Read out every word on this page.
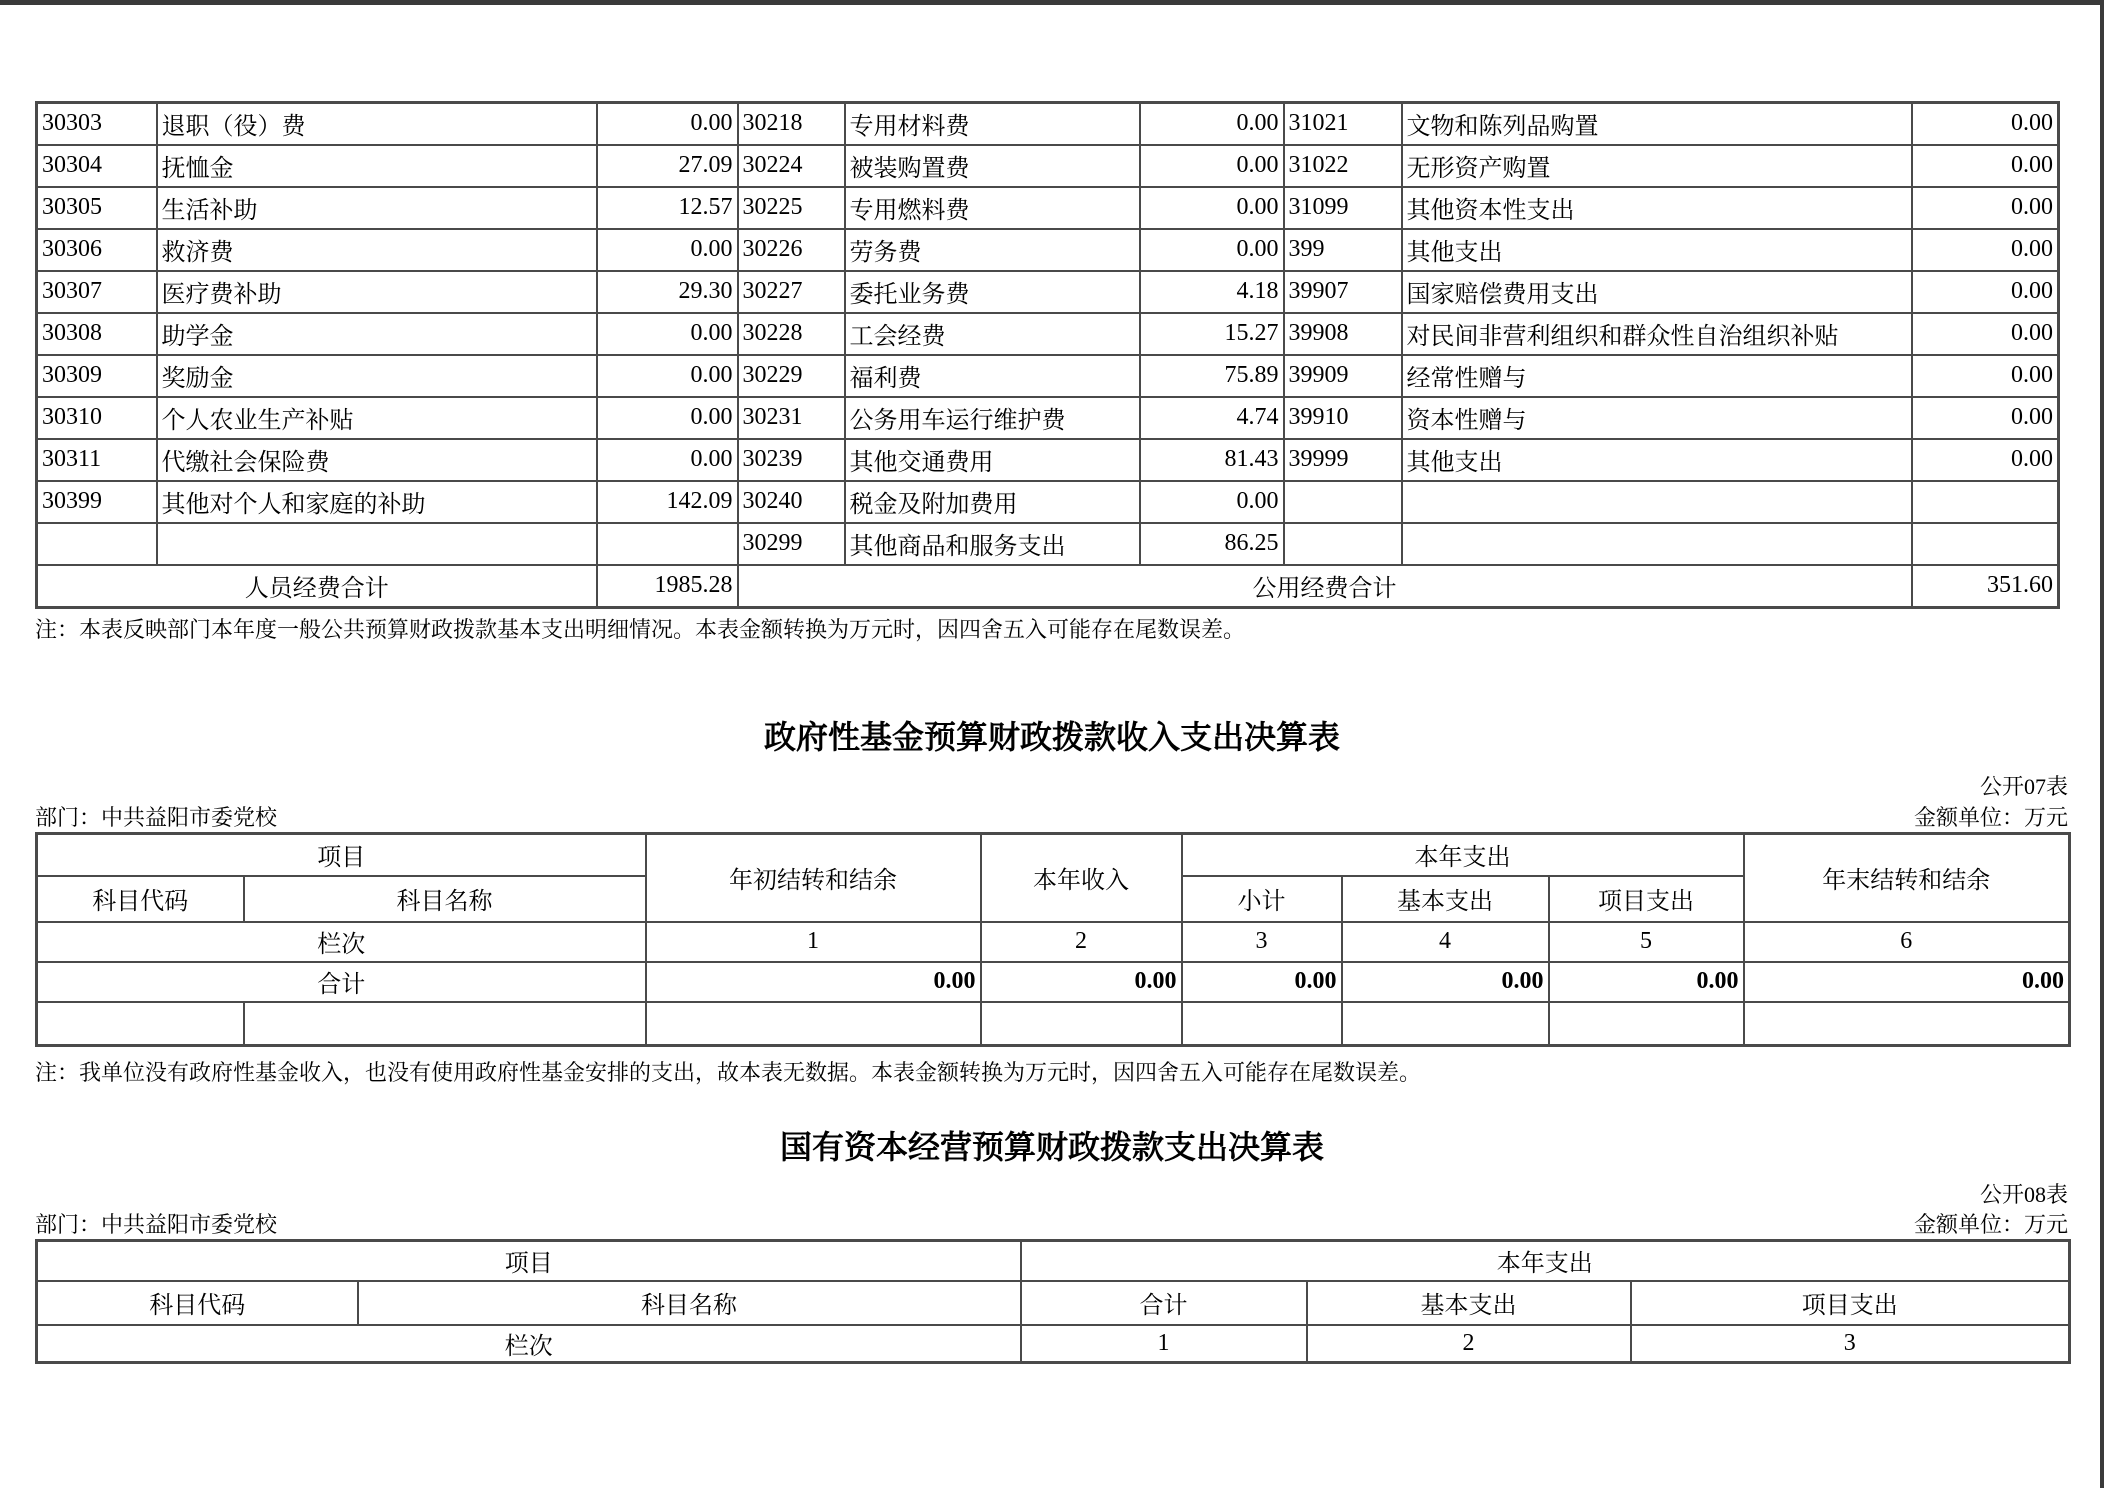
30303	退职（役）费	0.00	30218	专用材料费	0.00	31021	文物和陈列品购置	0.00
30304	抚恤金	27.09	30224	被装购置费	0.00	31022	无形资产购置	0.00
30305	生活补助	12.57	30225	专用燃料费	0.00	31099	其他资本性支出	0.00
30306	救济费	0.00	30226	劳务费	0.00	399	其他支出	0.00
30307	医疗费补助	29.30	30227	委托业务费	4.18	39907	国家赔偿费用支出	0.00
30308	助学金	0.00	30228	工会经费	15.27	39908	对民间非营利组织和群众性自治组织补贴	0.00
30309	奖励金	0.00	30229	福利费	75.89	39909	经常性赠与	0.00
30310	个人农业生产补贴	0.00	30231	公务用车运行维护费	4.74	39910	资本性赠与	0.00
30311	代缴社会保险费	0.00	30239	其他交通费用	81.43	39999	其他支出	0.00
30399	其他对个人和家庭的补助	142.09	30240	税金及附加费用	0.00			
			30299	其他商品和服务支出	86.25			
人员经费合计		1985.28	公用经费合计					351.60
注：本表反映部门本年度一般公共预算财政拨款基本支出明细情况。本表金额转换为万元时，因四舍五入可能存在尾数误差。
政府性基金预算财政拨款收入支出决算表
公开07表
部门：中共益阳市委党校	金额单位：万元
项目		年初结转和结余	本年收入	本年支出			年末结转和结余
科目代码	科目名称			小计	基本支出	项目支出	
栏次		1	2	3	4	5	6
合计		0.00	0.00	0.00	0.00	0.00	0.00

注：我单位没有政府性基金收入，也没有使用政府性基金安排的支出，故本表无数据。本表金额转换为万元时，因四舍五入可能存在尾数误差。
国有资本经营预算财政拨款支出决算表
公开08表
部门：中共益阳市委党校	金额单位：万元
项目		本年支出		
科目代码	科目名称	合计	基本支出	项目支出
栏次		1	2	3
